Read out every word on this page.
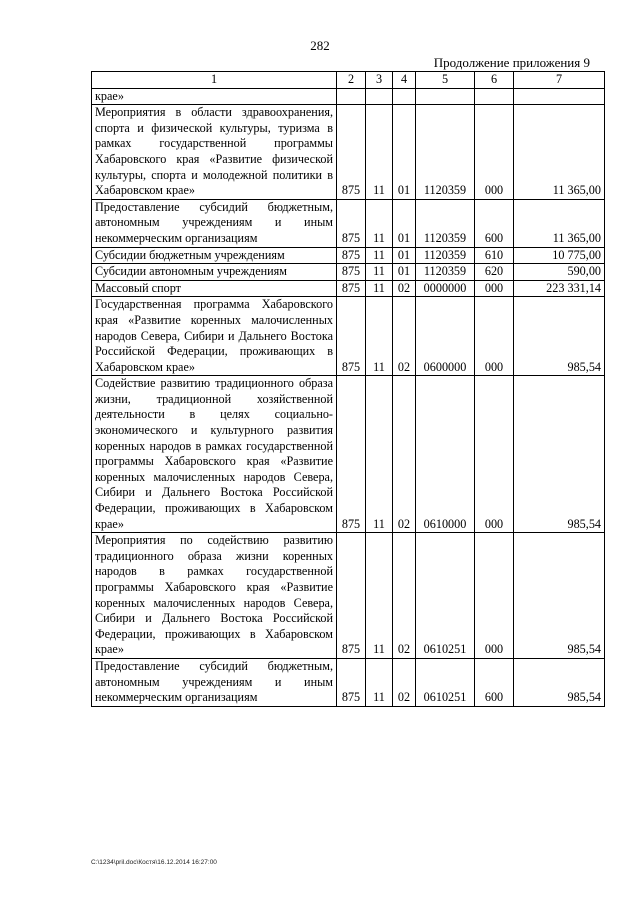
282
Продолжение приложения 9
1	2	3	4	5	6	7
крае»						
Мероприятия в области здравоохранения, спорта и физической культуры, туризма в рамках государственной программы Хабаровского края «Развитие физической культуры, спорта и молодежной политики в Хабаровском крае»	875	11	01	1120359	000	11 365,00
Предоставление субсидий бюджетным, автономным учреждениям и иным некоммерческим организациям	875	11	01	1120359	600	11 365,00
Субсидии бюджетным учреждениям	875	11	01	1120359	610	10 775,00
Субсидии автономным учреждениям	875	11	01	1120359	620	590,00
Массовый спорт	875	11	02	0000000	000	223 331,14
Государственная программа Хабаровского края «Развитие коренных малочисленных народов Севера, Сибири и Дальнего Востока Российской Федерации, проживающих в Хабаровском крае»	875	11	02	0600000	000	985,54
Содействие развитию традиционного образа жизни, традиционной хозяйственной деятельности в целях социально-экономического и культурного развития коренных народов в рамках государственной программы Хабаровского края «Развитие коренных малочисленных народов Севера, Сибири и Дальнего Востока Российской Федерации, проживающих в Хабаровском крае»	875	11	02	0610000	000	985,54
Мероприятия по содействию развитию традиционного образа жизни коренных народов в рамках государственной программы Хабаровского края «Развитие коренных малочисленных народов Севера, Сибири и Дальнего Востока Российской Федерации, проживающих в Хабаровском крае»	875	11	02	0610251	000	985,54
Предоставление субсидий бюджетным, автономным учреждениям и иным некоммерческим организациям	875	11	02	0610251	600	985,54
C:\1234\pril.doc\Костя\16.12.2014 16:27:00
